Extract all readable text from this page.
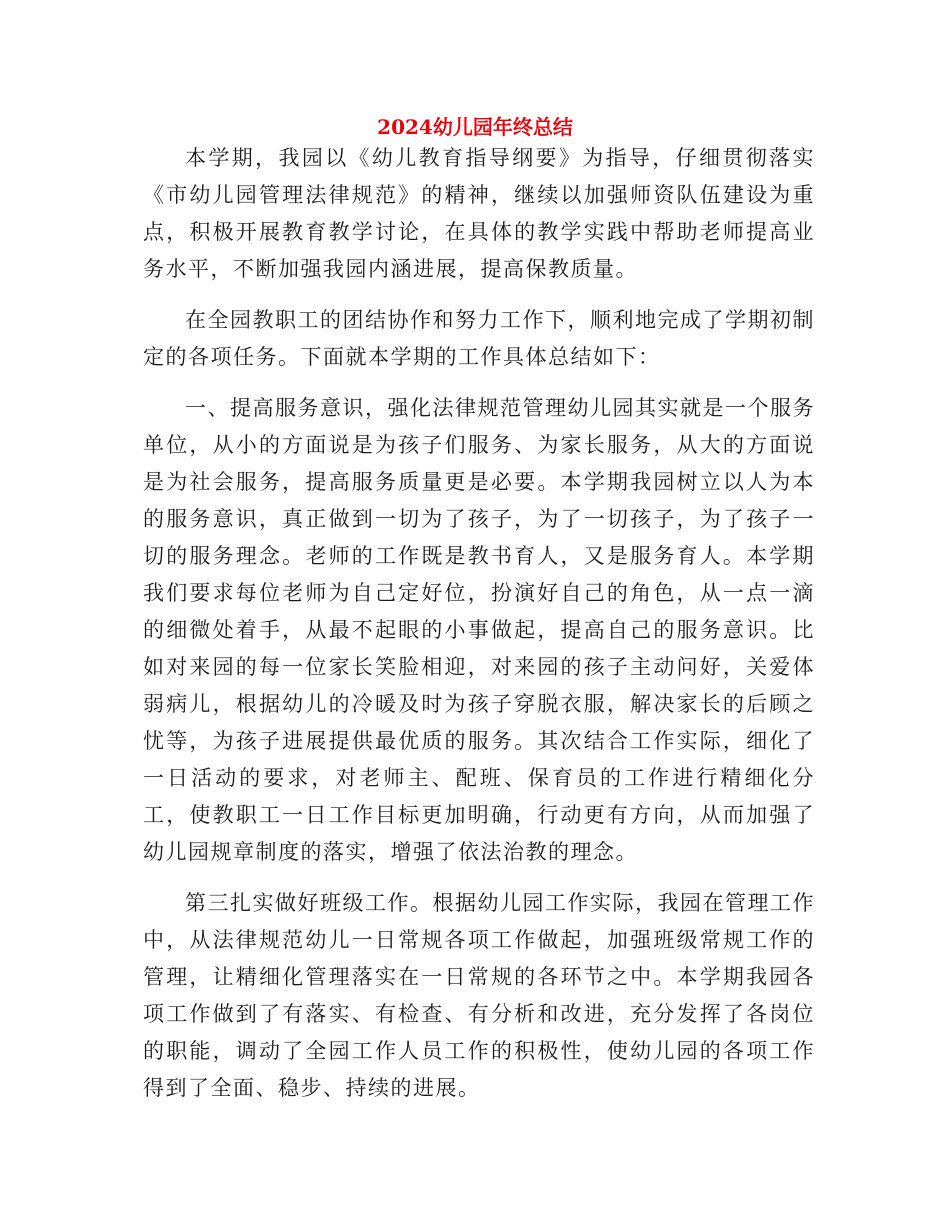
2024幼儿园年终总结

本学期，我园以《幼儿教育指导纲要》为指导，仔细贯彻落实《市幼儿园管理法律规范》的精神，继续以加强师资队伍建设为重点，积极开展教育教学讨论，在具体的教学实践中帮助老师提高业务水平，不断加强我园内涵进展，提高保教质量。

在全园教职工的团结协作和努力工作下，顺利地完成了学期初制定的各项任务。下面就本学期的工作具体总结如下：

一、提高服务意识，强化法律规范管理幼儿园其实就是一个服务单位，从小的方面说是为孩子们服务、为家长服务，从大的方面说是为社会服务，提高服务质量更是必要。本学期我园树立以人为本的服务意识，真正做到一切为了孩子，为了一切孩子，为了孩子一切的服务理念。老师的工作既是教书育人，又是服务育人。本学期我们要求每位老师为自己定好位，扮演好自己的角色，从一点一滴的细微处着手，从最不起眼的小事做起，提高自己的服务意识。比如对来园的每一位家长笑脸相迎，对来园的孩子主动问好，关爱体弱病儿，根据幼儿的冷暖及时为孩子穿脱衣服，解决家长的后顾之忧等，为孩子进展提供最优质的服务。其次结合工作实际，细化了一日活动的要求，对老师主、配班、保育员的工作进行精细化分工，使教职工一日工作目标更加明确，行动更有方向，从而加强了幼儿园规章制度的落实，增强了依法治教的理念。

第三扎实做好班级工作。根据幼儿园工作实际，我园在管理工作中，从法律规范幼儿一日常规各项工作做起，加强班级常规工作的管理，让精细化管理落实在一日常规的各环节之中。本学期我园各项工作做到了有落实、有检查、有分析和改进，充分发挥了各岗位的职能，调动了全园工作人员工作的积极性，使幼儿园的各项工作得到了全面、稳步、持续的进展。
